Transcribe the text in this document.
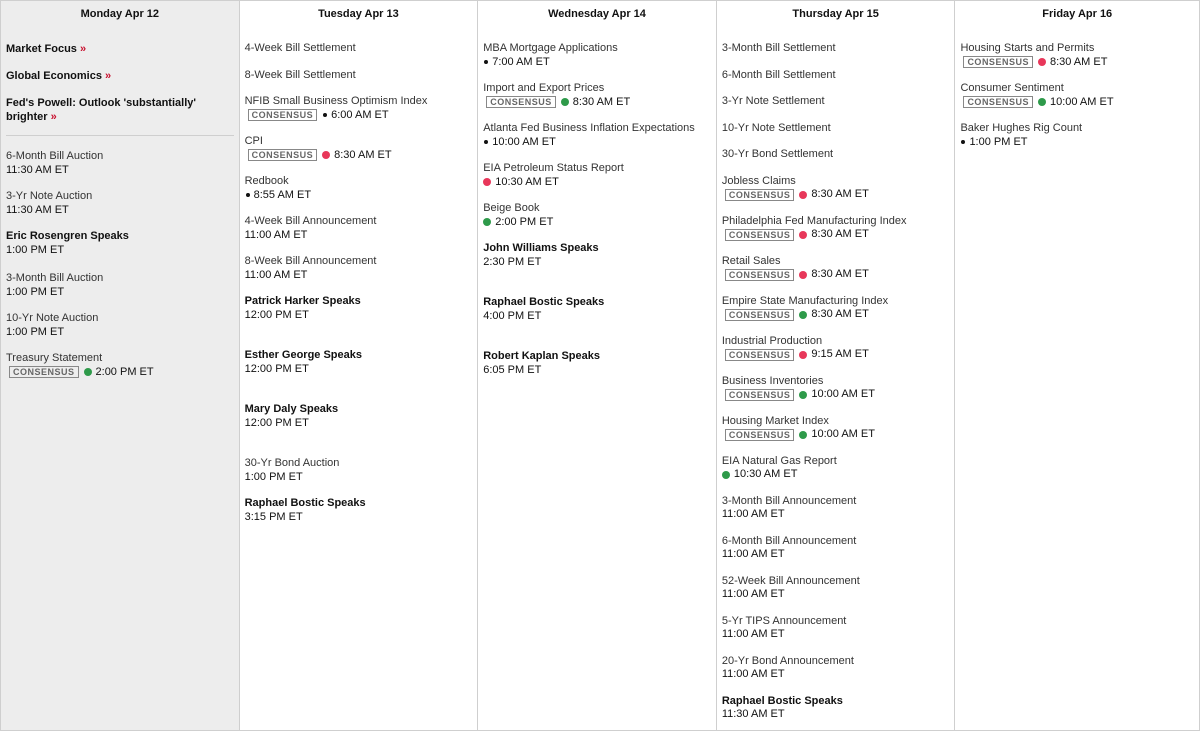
Monday Apr 12
Market Focus »
Global Economics »
Fed's Powell: Outlook 'substantially' brighter »
6-Month Bill Auction
11:30 AM ET
3-Yr Note Auction
11:30 AM ET
Eric Rosengren Speaks
1:00 PM ET
3-Month Bill Auction
1:00 PM ET
10-Yr Note Auction
1:00 PM ET
Treasury Statement
CONSENSUS	2:00 PM ET
Tuesday Apr 13
4-Week Bill Settlement
8-Week Bill Settlement
NFIB Small Business Optimism Index
CONSENSUS	6:00 AM ET
CPI
CONSENSUS	8:30 AM ET
Redbook
8:55 AM ET
4-Week Bill Announcement
11:00 AM ET
8-Week Bill Announcement
11:00 AM ET
Patrick Harker Speaks
12:00 PM ET
Esther George Speaks
12:00 PM ET
Mary Daly Speaks
12:00 PM ET
30-Yr Bond Auction
1:00 PM ET
Raphael Bostic Speaks
3:15 PM ET
Wednesday Apr 14
MBA Mortgage Applications
7:00 AM ET
Import and Export Prices
CONSENSUS	8:30 AM ET
Atlanta Fed Business Inflation Expectations
10:00 AM ET
EIA Petroleum Status Report
10:30 AM ET
Beige Book
2:00 PM ET
John Williams Speaks
2:30 PM ET
Raphael Bostic Speaks
4:00 PM ET
Robert Kaplan Speaks
6:05 PM ET
Thursday Apr 15
3-Month Bill Settlement
6-Month Bill Settlement
3-Yr Note Settlement
10-Yr Note Settlement
30-Yr Bond Settlement
Jobless Claims
CONSENSUS	8:30 AM ET
Philadelphia Fed Manufacturing Index
CONSENSUS	8:30 AM ET
Retail Sales
CONSENSUS	8:30 AM ET
Empire State Manufacturing Index
CONSENSUS	8:30 AM ET
Industrial Production
CONSENSUS	9:15 AM ET
Business Inventories
CONSENSUS	10:00 AM ET
Housing Market Index
CONSENSUS	10:00 AM ET
EIA Natural Gas Report
10:30 AM ET
3-Month Bill Announcement
11:00 AM ET
6-Month Bill Announcement
11:00 AM ET
52-Week Bill Announcement
11:00 AM ET
5-Yr TIPS Announcement
11:00 AM ET
20-Yr Bond Announcement
11:00 AM ET
Raphael Bostic Speaks
11:30 AM ET
Friday Apr 16
Housing Starts and Permits
CONSENSUS	8:30 AM ET
Consumer Sentiment
CONSENSUS	10:00 AM ET
Baker Hughes Rig Count
1:00 PM ET
